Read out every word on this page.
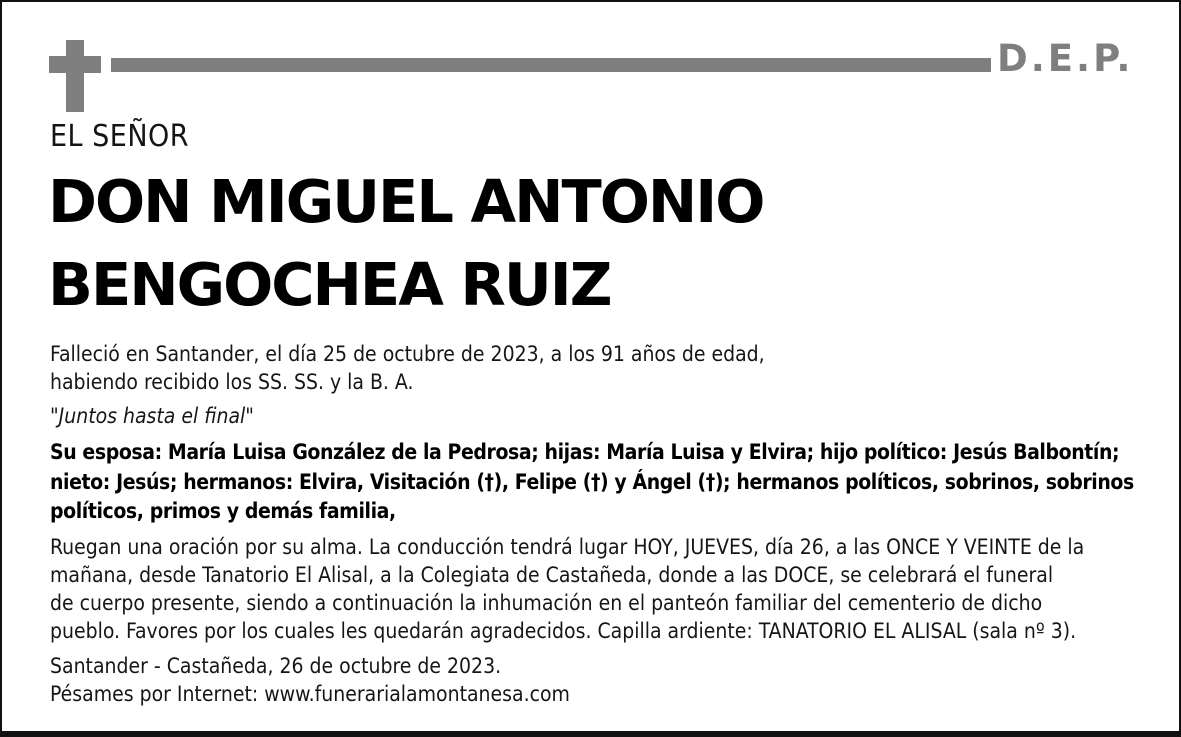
D.E.P.
EL SEÑOR
DON MIGUEL ANTONIO
BENGOCHEA RUIZ
Falleció en Santander, el día 25 de octubre de 2023, a los 91 años de edad,
habiendo recibido los SS. SS. y la B. A.
"Juntos hasta el final"
Su esposa: María Luisa González de la Pedrosa; hijas: María Luisa y Elvira; hijo político: Jesús Balbontín;
nieto: Jesús; hermanos: Elvira, Visitación (†), Felipe (†) y Ángel (†); hermanos políticos, sobrinos, sobrinos
políticos, primos y demás familia,
Ruegan una oración por su alma. La conducción tendrá lugar HOY, JUEVES, día 26, a las ONCE Y VEINTE de la
mañana, desde Tanatorio El Alisal, a la Colegiata de Castañeda, donde a las DOCE, se celebrará el funeral
de cuerpo presente, siendo a continuación la inhumación en el panteón familiar del cementerio de dicho
pueblo. Favores por los cuales les quedarán agradecidos. Capilla ardiente: TANATORIO EL ALISAL (sala nº 3).
Santander - Castañeda, 26 de octubre de 2023.
Pésames por Internet: www.funerarialamontanesa.com
